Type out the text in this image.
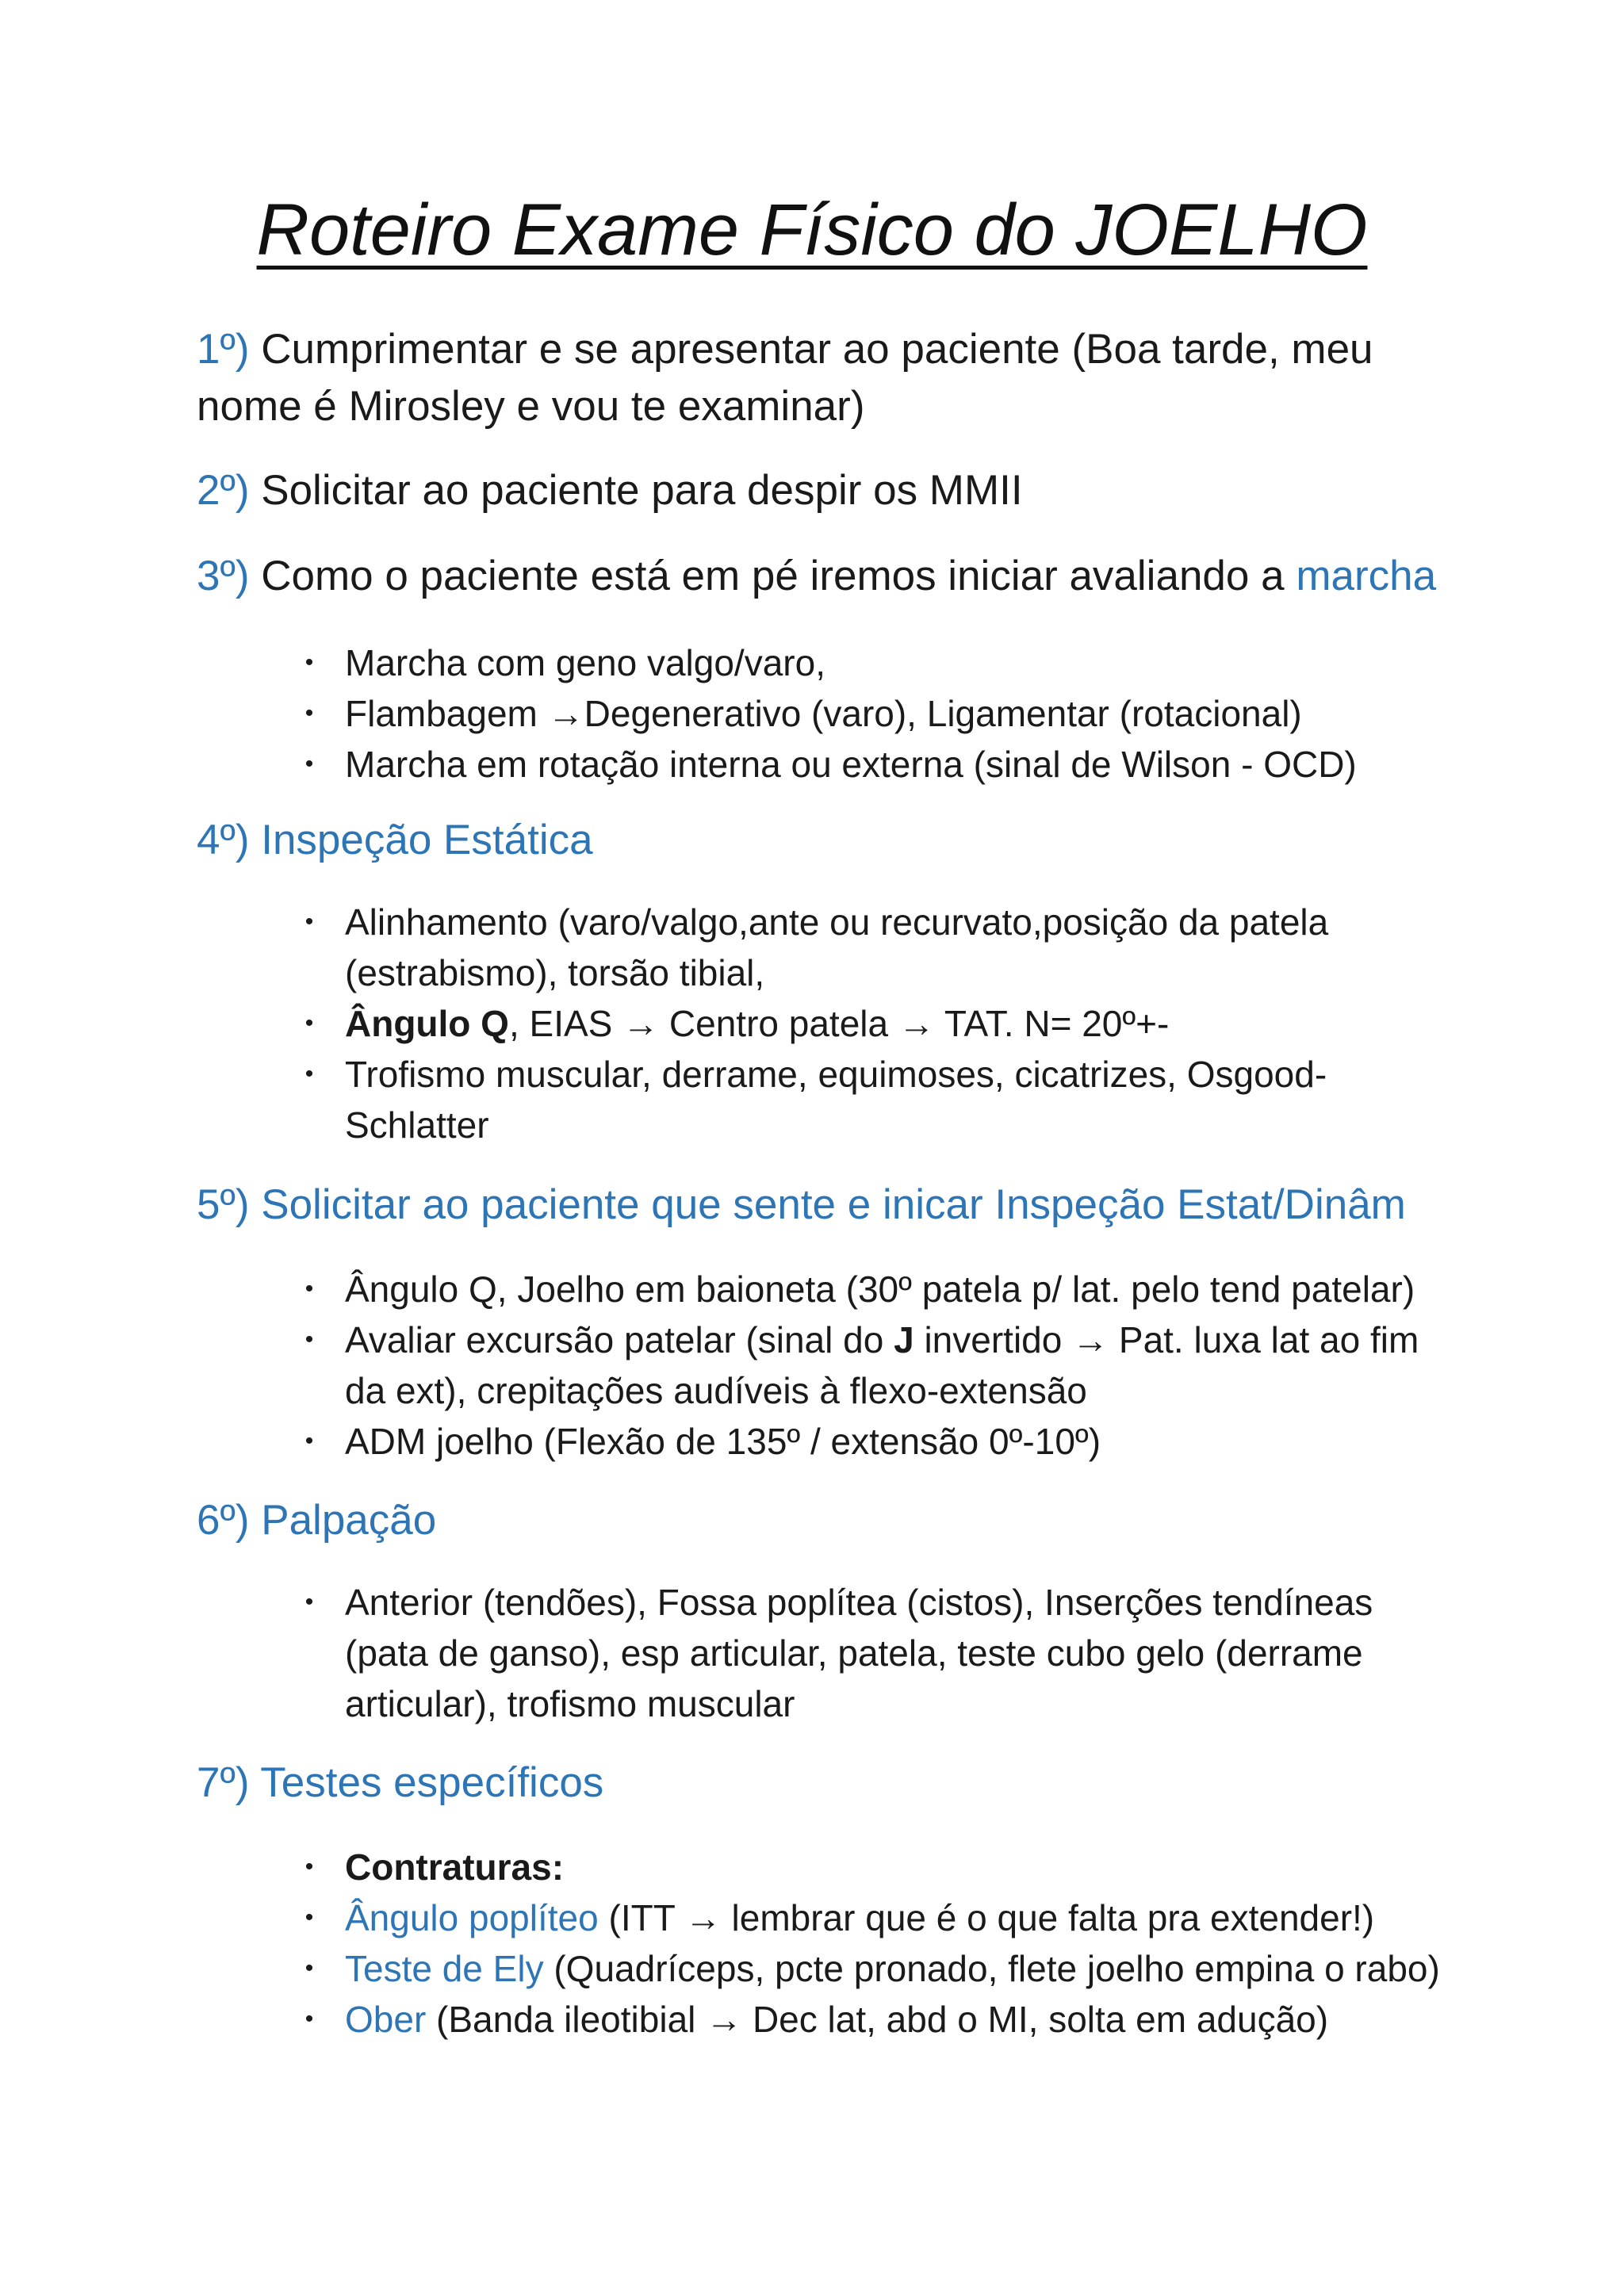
Roteiro Exame Físico do JOELHO
1º) Cumprimentar e se apresentar ao paciente (Boa tarde, meu
nome é Mirosley e vou te examinar)
2º) Solicitar ao paciente para despir os MMII
3º) Como o paciente está em pé iremos iniciar avaliando a marcha
• Marcha com geno valgo/varo,
• Flambagem →Degenerativo (varo), Ligamentar (rotacional)
• Marcha em rotação interna ou externa (sinal de Wilson - OCD)
4º) Inspeção Estática
• Alinhamento (varo/valgo,ante ou recurvato,posição da patela
(estrabismo), torsão tibial,
• Ângulo Q, EIAS → Centro patela → TAT. N= 20º+-
• Trofismo muscular, derrame, equimoses, cicatrizes, Osgood-
Schlatter
5º) Solicitar ao paciente que sente e inicar Inspeção Estat/Dinâm
• Ângulo Q, Joelho em baioneta (30º patela p/ lat. pelo tend patelar)
• Avaliar excursão patelar (sinal do J invertido → Pat. luxa lat ao fim
da ext), crepitações audíveis à flexo-extensão
• ADM joelho (Flexão de 135º / extensão 0º-10º)
6º) Palpação
• Anterior (tendões), Fossa poplítea (cistos), Inserções tendíneas
(pata de ganso), esp articular, patela, teste cubo gelo (derrame
articular), trofismo muscular
7º) Testes específicos
• Contraturas:
• Ângulo poplíteo (ITT → lembrar que é o que falta pra extender!)
• Teste de Ely (Quadríceps, pcte pronado, flete joelho empina o rabo)
• Ober (Banda ileotibial → Dec lat, abd o MI, solta em adução)
